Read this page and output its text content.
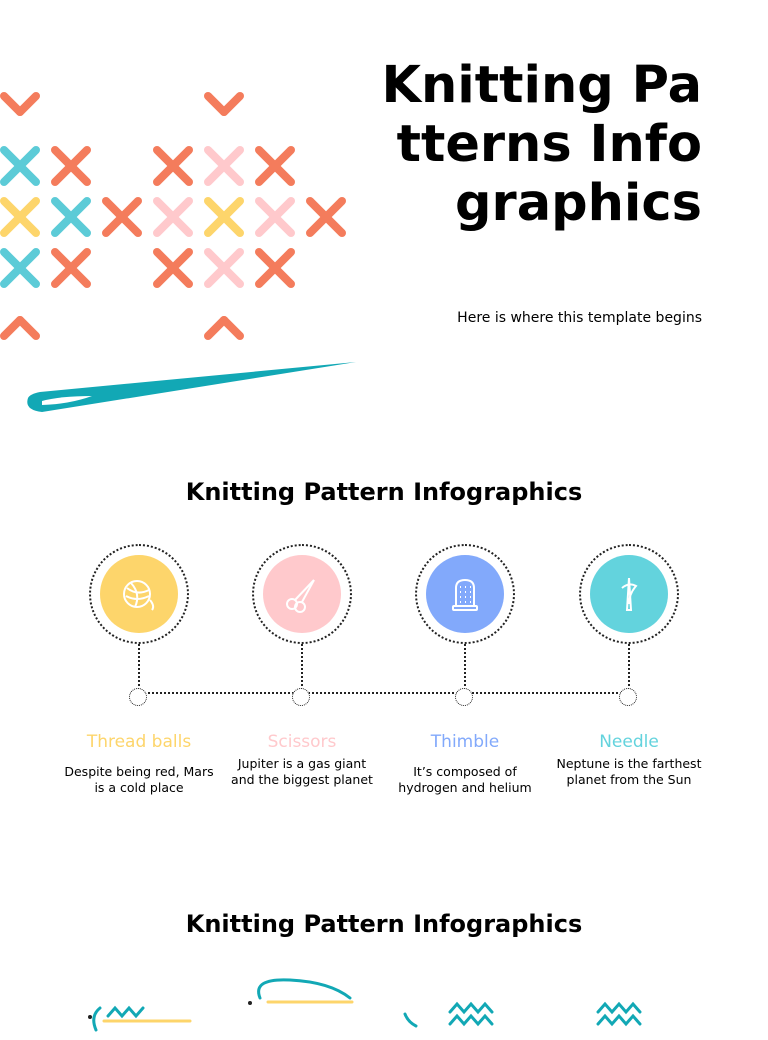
Knitting Patterns Infographics
Here is where this template begins
Knitting Pattern Infographics
Thread balls
Despite being red, Mars is a cold place
Scissors
Jupiter is a gas giant and the biggest planet
Thimble
It’s composed of hydrogen and helium
Needle
Neptune is the farthest planet from the Sun
Knitting Pattern Infographics
